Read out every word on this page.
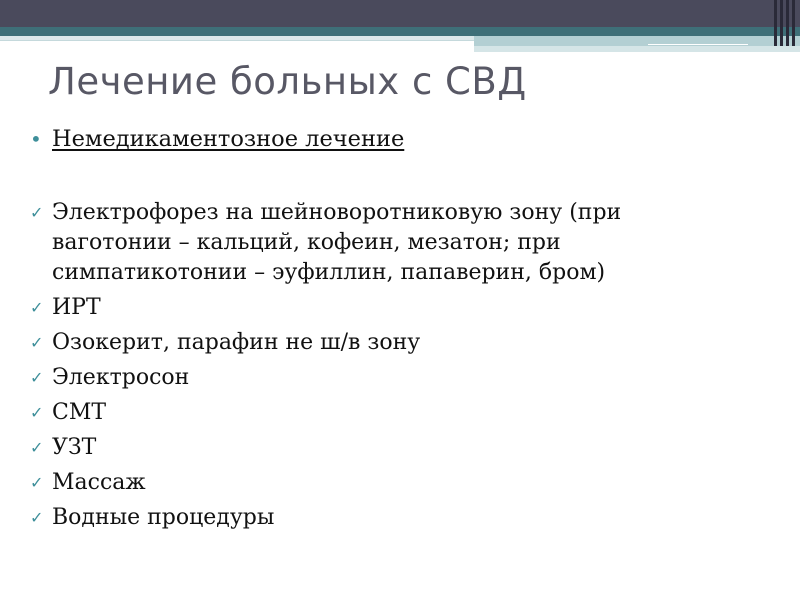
Лечение больных с СВД
• Немедикаментозное лечение
✓ Электрофорез на шейноворотниковую зону (при
ваготонии – кальций, кофеин, мезатон; при
симпатикотонии – эуфиллин, папаверин, бром)
✓ ИРТ
✓ Озокерит, парафин не ш/в зону
✓ Электросон
✓ СМТ
✓ УЗТ
✓ Массаж
✓ Водные процедуры
